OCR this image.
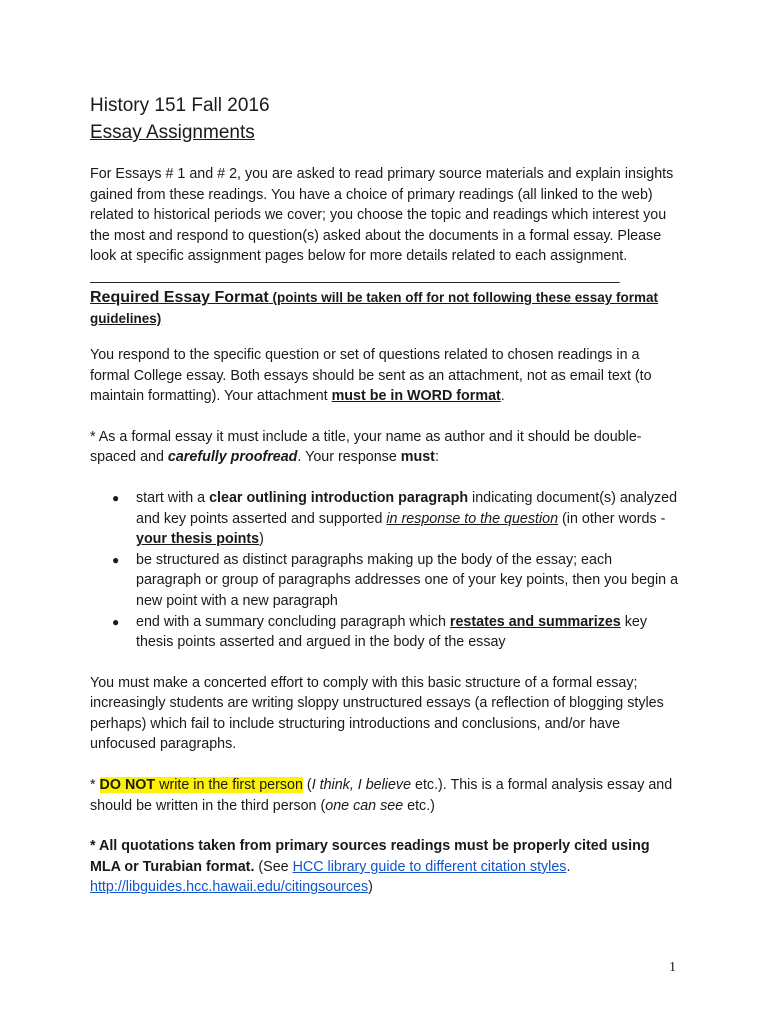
History 151 Fall 2016
Essay Assignments

For Essays # 1 and # 2, you are asked to read primary source materials and explain insights gained from these readings. You have a choice of primary readings (all linked to the web) related to historical periods we cover; you choose the topic and readings which interest you the most and respond to question(s) asked about the documents in a formal essay. Please look at specific assignment pages below for more details related to each assignment.

_______________________________________________________________________
Required Essay Format (points will be taken off for not following these essay format guidelines)

You respond to the specific question or set of questions related to chosen readings in a formal College essay. Both essays should be sent as an attachment, not as email text (to maintain formatting). Your attachment must be in WORD format.

* As a formal essay it must include a title, your name as author and it should be double-spaced and carefully proofread. Your response must:

● start with a clear outlining introduction paragraph indicating document(s) analyzed and key points asserted and supported in response to the question (in other words - your thesis points)
● be structured as distinct paragraphs making up the body of the essay; each paragraph or group of paragraphs addresses one of your key points, then you begin a new point with a new paragraph
● end with a summary concluding paragraph which restates and summarizes key thesis points asserted and argued in the body of the essay

You must make a concerted effort to comply with this basic structure of a formal essay; increasingly students are writing sloppy unstructured essays (a reflection of blogging styles perhaps) which fail to include structuring introductions and conclusions, and/or have unfocused paragraphs.

* DO NOT write in the first person (I think, I believe etc.). This is a formal analysis essay and should be written in the third person (one can see etc.)

* All quotations taken from primary sources readings must be properly cited using MLA or Turabian format. (See HCC library guide to different citation styles. http://libguides.hcc.hawaii.edu/citingsources)

1
